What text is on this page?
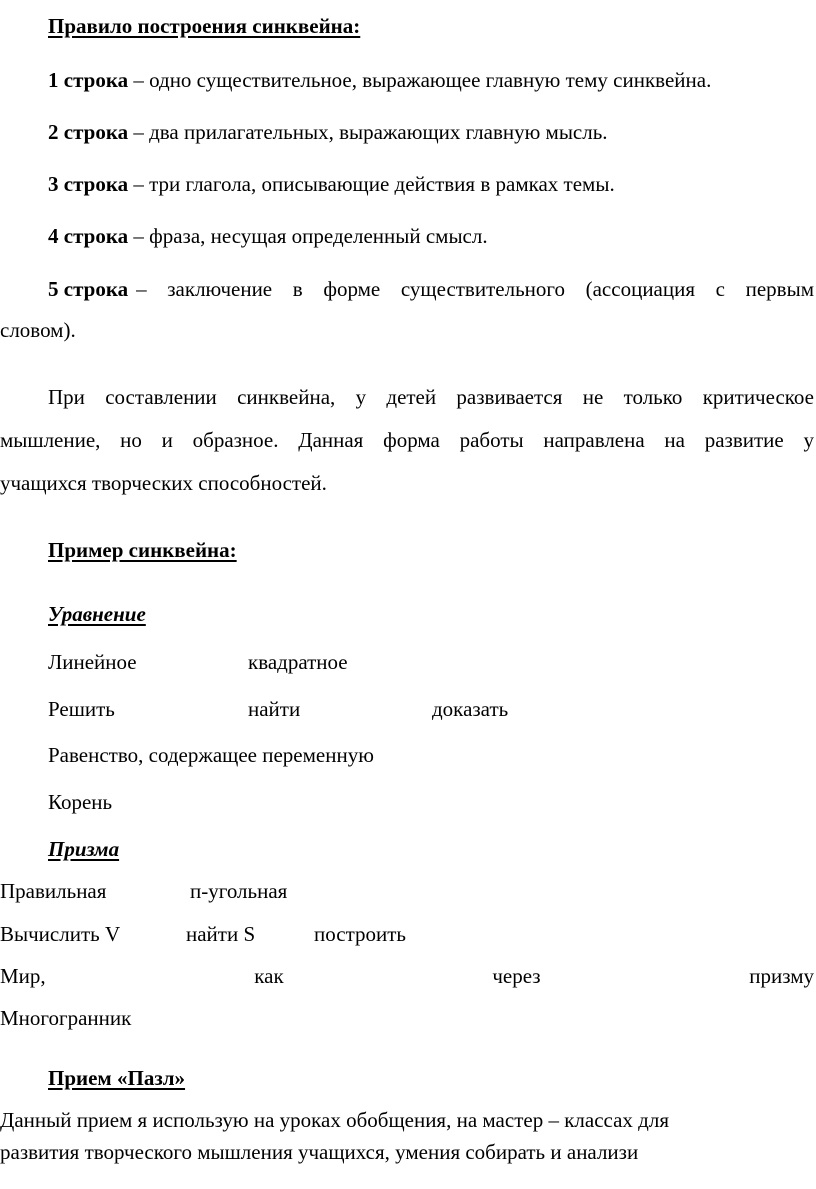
Правило построения синквейна:
1 строка – одно существительное, выражающее главную тему синквейна.
2 строка – два прилагательных, выражающих главную мысль.
3 строка – три глагола, описывающие действия в рамках темы.
4 строка – фраза, несущая определенный смысл.
5 строка – заключение в форме существительного (ассоциация с первым
словом).
При составлении синквейна, у детей развивается не только критическое
мышление, но и образное. Данная форма работы направлена на развитие у
учащихся творческих способностей.
Пример синквейна:
Уравнение
Линейное	квадратное
Решить	найти	доказать
Равенство, содержащее переменную
Корень
Призма
Правильная	п-угольная
Вычислить V	найти S	построить
Мир,	как	через	призму
Многогранник
Прием «Пазл»
Данный прием я использую на уроках обобщения, на мастер – классах для
развития творческого мышления учащихся, умения собирать и анализи
